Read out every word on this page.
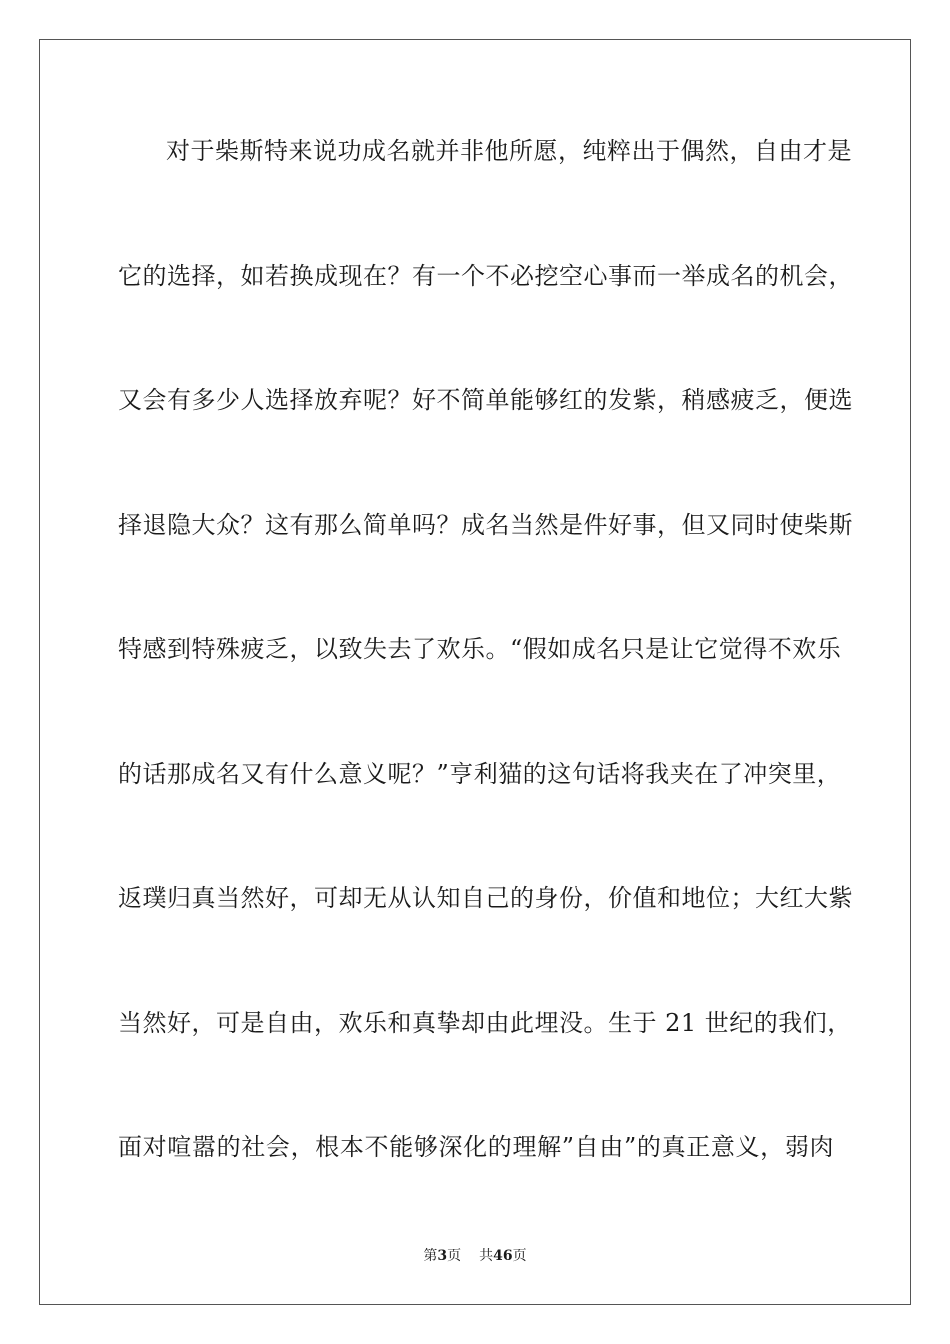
对于柴斯特来说功成名就并非他所愿，纯粹出于偶然，自由才是
它的选择，如若换成现在？有一个不必挖空心事而一举成名的机会，
又会有多少人选择放弃呢？好不简单能够红的发紫，稍感疲乏，便选
择退隐大众？这有那么简单吗？成名当然是件好事，但又同时使柴斯
特感到特殊疲乏，以致失去了欢乐。“假如成名只是让它觉得不欢乐
的话那成名又有什么意义呢？”亨利猫的这句话将我夹在了冲突里，
返璞归真当然好，可却无从认知自己的身份，价值和地位；大红大紫
当然好，可是自由，欢乐和真挚却由此埋没。生于 21 世纪的我们，
面对喧嚣的社会，根本不能够深化的理解”自由”的真正意义，弱肉
第3页 共46页
